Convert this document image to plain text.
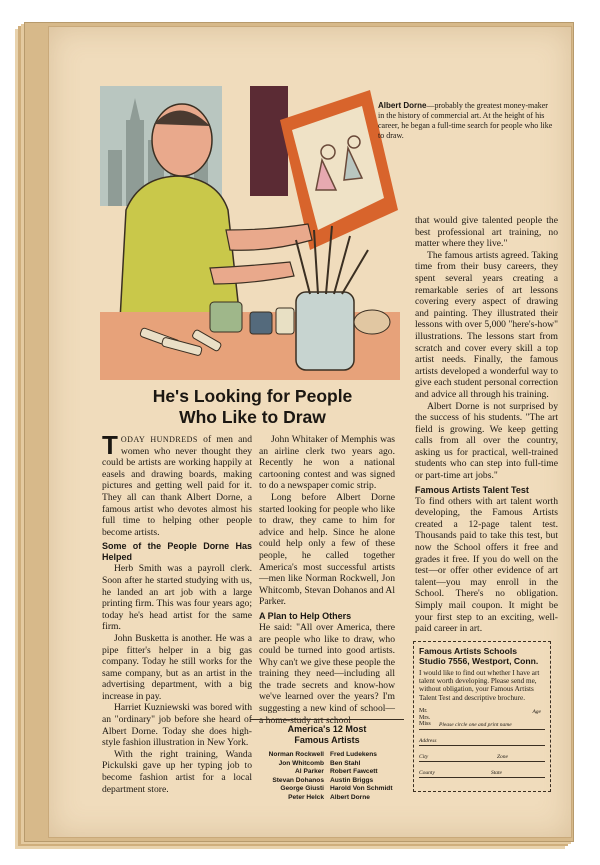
Albert Dorne—probably the greatest money-maker in the history of commercial art. At the height of his career, he began a full-time search for people who like to draw.
He's Looking for People
Who Like to Draw

TODAY HUNDREDS of men and women who never thought they could be artists are working happily at easels and drawing boards, making pictures and getting well paid for it. They all can thank Albert Dorne, a famous artist who devotes almost his full time to helping other people become artists.

Some of the People Dorne Has Helped

Herb Smith was a payroll clerk. Soon after he started studying with us, he landed an art job with a large printing firm. This was four years ago; today he's head artist for the same firm.

John Busketta is another. He was a pipe fitter's helper in a big gas company. Today he still works for the same company, but as an artist in the advertising department, with a big increase in pay.

Harriet Kuzniewski was bored with an "ordinary" job before she heard of Albert Dorne. Today she does high-style fashion illustration in New York.

With the right training, Wanda Pickulski gave up her typing job to become fashion artist for a local department store.

John Whitaker of Memphis was an airline clerk two years ago. Recently he won a national cartooning contest and was signed to do a newspaper comic strip.

Long before Albert Dorne started looking for people who like to draw, they came to him for advice and help. Since he alone could help only a few of these people, he called together America's most successful artists—men like Norman Rockwell, Jon Whitcomb, Stevan Dohanos and Al Parker.

A Plan to Help Others

He said: "All over America, there are people who like to draw, who could be turned into good artists. Why can't we give these people the training they need—including all the trade secrets and know-how we've learned over the years? I'm suggesting a new kind of school—a home-study art school

America's 12 Most
Famous Artists
Norman Rockwell
Jon Whitcomb
Al Parker
Stevan Dohanos
George Giusti
Peter Helck
Fred Ludekens
Ben Stahl
Robert Fawcett
Austin Briggs
Harold Von Schmidt
Albert Dorne

that would give talented people the best professional art training, no matter where they live."

The famous artists agreed. Taking time from their busy careers, they spent several years creating a remarkable series of art lessons covering every aspect of drawing and painting. They illustrated their lessons with over 5,000 "here's-how" illustrations. The lessons start from scratch and cover every skill a top artist needs. Finally, the famous artists developed a wonderful way to give each student personal correction and advice all through his training.

Albert Dorne is not surprised by the success of his students. "The art field is growing. We keep getting calls from all over the country, asking us for practical, well-trained students who can step into full-time or part-time art jobs."

Famous Artists Talent Test

To find others with art talent worth developing, the Famous Artists created a 12-page talent test. Thousands paid to take this test, but now the School offers it free and grades it free. If you do well on the test—or offer other evidence of art talent—you may enroll in the School. There's no obligation. Simply mail coupon. It might be your first step to an exciting, well-paid career in art.

Famous Artists Schools
Studio 7556, Westport, Conn.
I would like to find out whether I have art talent worth developing. Please send me, without obligation, your Famous Artists Talent Test and descriptive brochure.
Mr. Mrs. Miss	Please circle one and print name
Age
Address
City	Zone
County	State
